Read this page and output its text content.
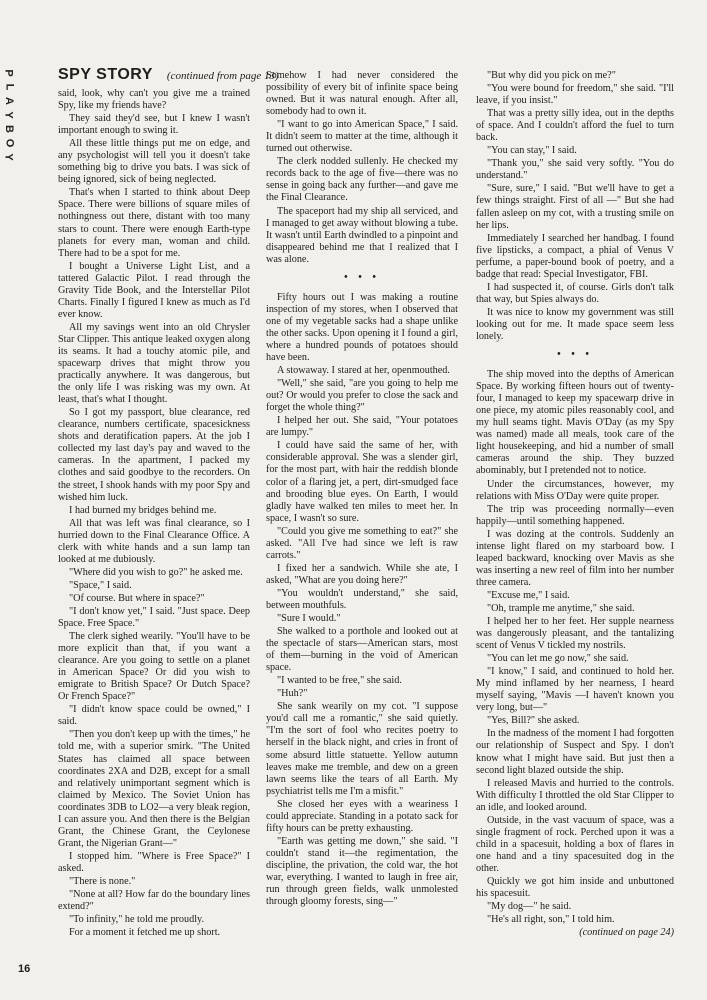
P
L
A
Y
B
O
Y
SPY STORY (continued from page 13)

said, look, why can't you give me a trained Spy, like my friends have?

They said they'd see, but I knew I wasn't important enough to swing it.

All these little things put me on edge, and any psychologist will tell you it doesn't take something big to drive you bats. I was sick of being ignored, sick of being neglected.

That's when I started to think about Deep Space. There were billions of square miles of nothingness out there, distant with too many stars to count. There were enough Earth-type planets for every man, woman and child. There had to be a spot for me.

I bought a Universe Light List, and a tattered Galactic Pilot. I read through the Gravity Tide Book, and the Interstellar Pilot Charts. Finally I figured I knew as much as I'd ever know.

All my savings went into an old Chrysler Star Clipper. This antique leaked oxygen along its seams. It had a touchy atomic pile, and spacewarp drives that might throw you practically anywhere. It was dangerous, but the only life I was risking was my own. At least, that's what I thought.

So I got my passport, blue clearance, red clearance, numbers certificate, spacesickness shots and deratification papers. At the job I collected my last day's pay and waved to the cameras. In the apartment, I packed my clothes and said goodbye to the recorders. On the street, I shook hands with my poor Spy and wished him luck.

I had burned my bridges behind me.

All that was left was final clearance, so I hurried down to the Final Clearance Office. A clerk with white hands and a sun lamp tan looked at me dubiously.

"Where did you wish to go?" he asked me.

"Space," I said.

"Of course. But where in space?"

"I don't know yet," I said. "Just space. Deep Space. Free Space."

The clerk sighed wearily. "You'll have to be more explicit than that, if you want a clearance. Are you going to settle on a planet in American Space? Or did you wish to emigrate to British Space? Or Dutch Space? Or French Space?"

"I didn't know space could be owned," I said.

"Then you don't keep up with the times," he told me, with a superior smirk. "The United States has claimed all space between coordinates 2XA and D2B, except for a small and relatively unimportant segment which is claimed by Mexico. The Soviet Union has coordinates 3DB to LO2—a very bleak region, I can assure you. And then there is the Belgian Grant, the Chinese Grant, the Ceylonese Grant, the Nigerian Grant—"

I stopped him. "Where is Free Space?" I asked.

"There is none."

"None at all? How far do the boundary lines extend?"

"To infinity," he told me proudly.

For a moment it fetched me up short.

Somehow I had never considered the possibility of every bit of infinite space being owned. But it was natural enough. After all, somebody had to own it.

"I want to go into American Space," I said. It didn't seem to matter at the time, although it turned out otherwise.

The clerk nodded sullenly. He checked my records back to the age of five—there was no sense in going back any further—and gave me the Final Clearance.

The spaceport had my ship all serviced, and I managed to get away without blowing a tube. It wasn't until Earth dwindled to a pinpoint and disappeared behind me that I realized that I was alone.

• • •

Fifty hours out I was making a routine inspection of my stores, when I observed that one of my vegetable sacks had a shape unlike the other sacks. Upon opening it I found a girl, where a hundred pounds of potatoes should have been.

A stowaway. I stared at her, openmouthed.

"Well," she said, "are you going to help me out? Or would you prefer to close the sack and forget the whole thing?"

I helped her out. She said, "Your potatoes are lumpy."

I could have said the same of her, with considerable approval. She was a slender girl, for the most part, with hair the reddish blonde color of a flaring jet, a pert, dirt-smudged face and brooding blue eyes. On Earth, I would gladly have walked ten miles to meet her. In space, I wasn't so sure.

"Could you give me something to eat?" she asked. "All I've had since we left is raw carrots."

I fixed her a sandwich. While she ate, I asked, "What are you doing here?"

"You wouldn't understand," she said, between mouthfuls.

"Sure I would."

She walked to a porthole and looked out at the spectacle of stars—American stars, most of them—burning in the void of American space.

"I wanted to be free," she said.

"Huh?"

She sank wearily on my cot. "I suppose you'd call me a romantic," she said quietly. "I'm the sort of fool who recites poetry to herself in the black night, and cries in front of some absurd little statuette. Yellow autumn leaves make me tremble, and dew on a green lawn seems like the tears of all Earth. My psychiatrist tells me I'm a misfit."

She closed her eyes with a weariness I could appreciate. Standing in a potato sack for fifty hours can be pretty exhausting.

"Earth was getting me down," she said. "I couldn't stand it—the regimentation, the discipline, the privation, the cold war, the hot war, everything. I wanted to laugh in free air, run through green fields, walk unmolested through gloomy forests, sing—"

"But why did you pick on me?"

"You were bound for freedom," she said. "I'll leave, if you insist."

That was a pretty silly idea, out in the depths of space. And I couldn't afford the fuel to turn back.

"You can stay," I said.

"Thank you," she said very softly. "You do understand."

"Sure, sure," I said. "But we'll have to get a few things straight. First of all —" But she had fallen asleep on my cot, with a trusting smile on her lips.

Immediately I searched her handbag. I found five lipsticks, a compact, a phial of Venus V perfume, a paper-bound book of poetry, and a badge that read: Special Investigator, FBI.

I had suspected it, of course. Girls don't talk that way, but Spies always do.

It was nice to know my government was still looking out for me. It made space seem less lonely.

• • •

The ship moved into the depths of American Space. By working fifteen hours out of twenty-four, I managed to keep my spacewarp drive in one piece, my atomic piles reasonably cool, and my hull seams tight. Mavis O'Day (as my Spy was named) made all meals, took care of the light housekeeping, and hid a number of small cameras around the ship. They buzzed abominably, but I pretended not to notice.

Under the circumstances, however, my relations with Miss O'Day were quite proper.

The trip was proceeding normally—even happily—until something happened.

I was dozing at the controls. Suddenly an intense light flared on my starboard bow. I leaped backward, knocking over Mavis as she was inserting a new reel of film into her number three camera.

"Excuse me," I said.

"Oh, trample me anytime," she said.

I helped her to her feet. Her supple nearness was dangerously pleasant, and the tantalizing scent of Venus V tickled my nostrils.

"You can let me go now," she said.

"I know," I said, and continued to hold her. My mind inflamed by her nearness, I heard myself saying, "Mavis —I haven't known you very long, but—"

"Yes, Bill?" she asked.

In the madness of the moment I had forgotten our relationship of Suspect and Spy. I don't know what I might have said. But just then a second light blazed outside the ship.

I released Mavis and hurried to the controls. With difficulty I throttled the old Star Clipper to an idle, and looked around.

Outside, in the vast vacuum of space, was a single fragment of rock. Perched upon it was a child in a spacesuit, holding a box of flares in one hand and a tiny spacesuited dog in the other.

Quickly we got him inside and unbuttoned his spacesuit.

"My dog—" he said.

"He's all right, son," I told him.

(continued on page 24)

16
